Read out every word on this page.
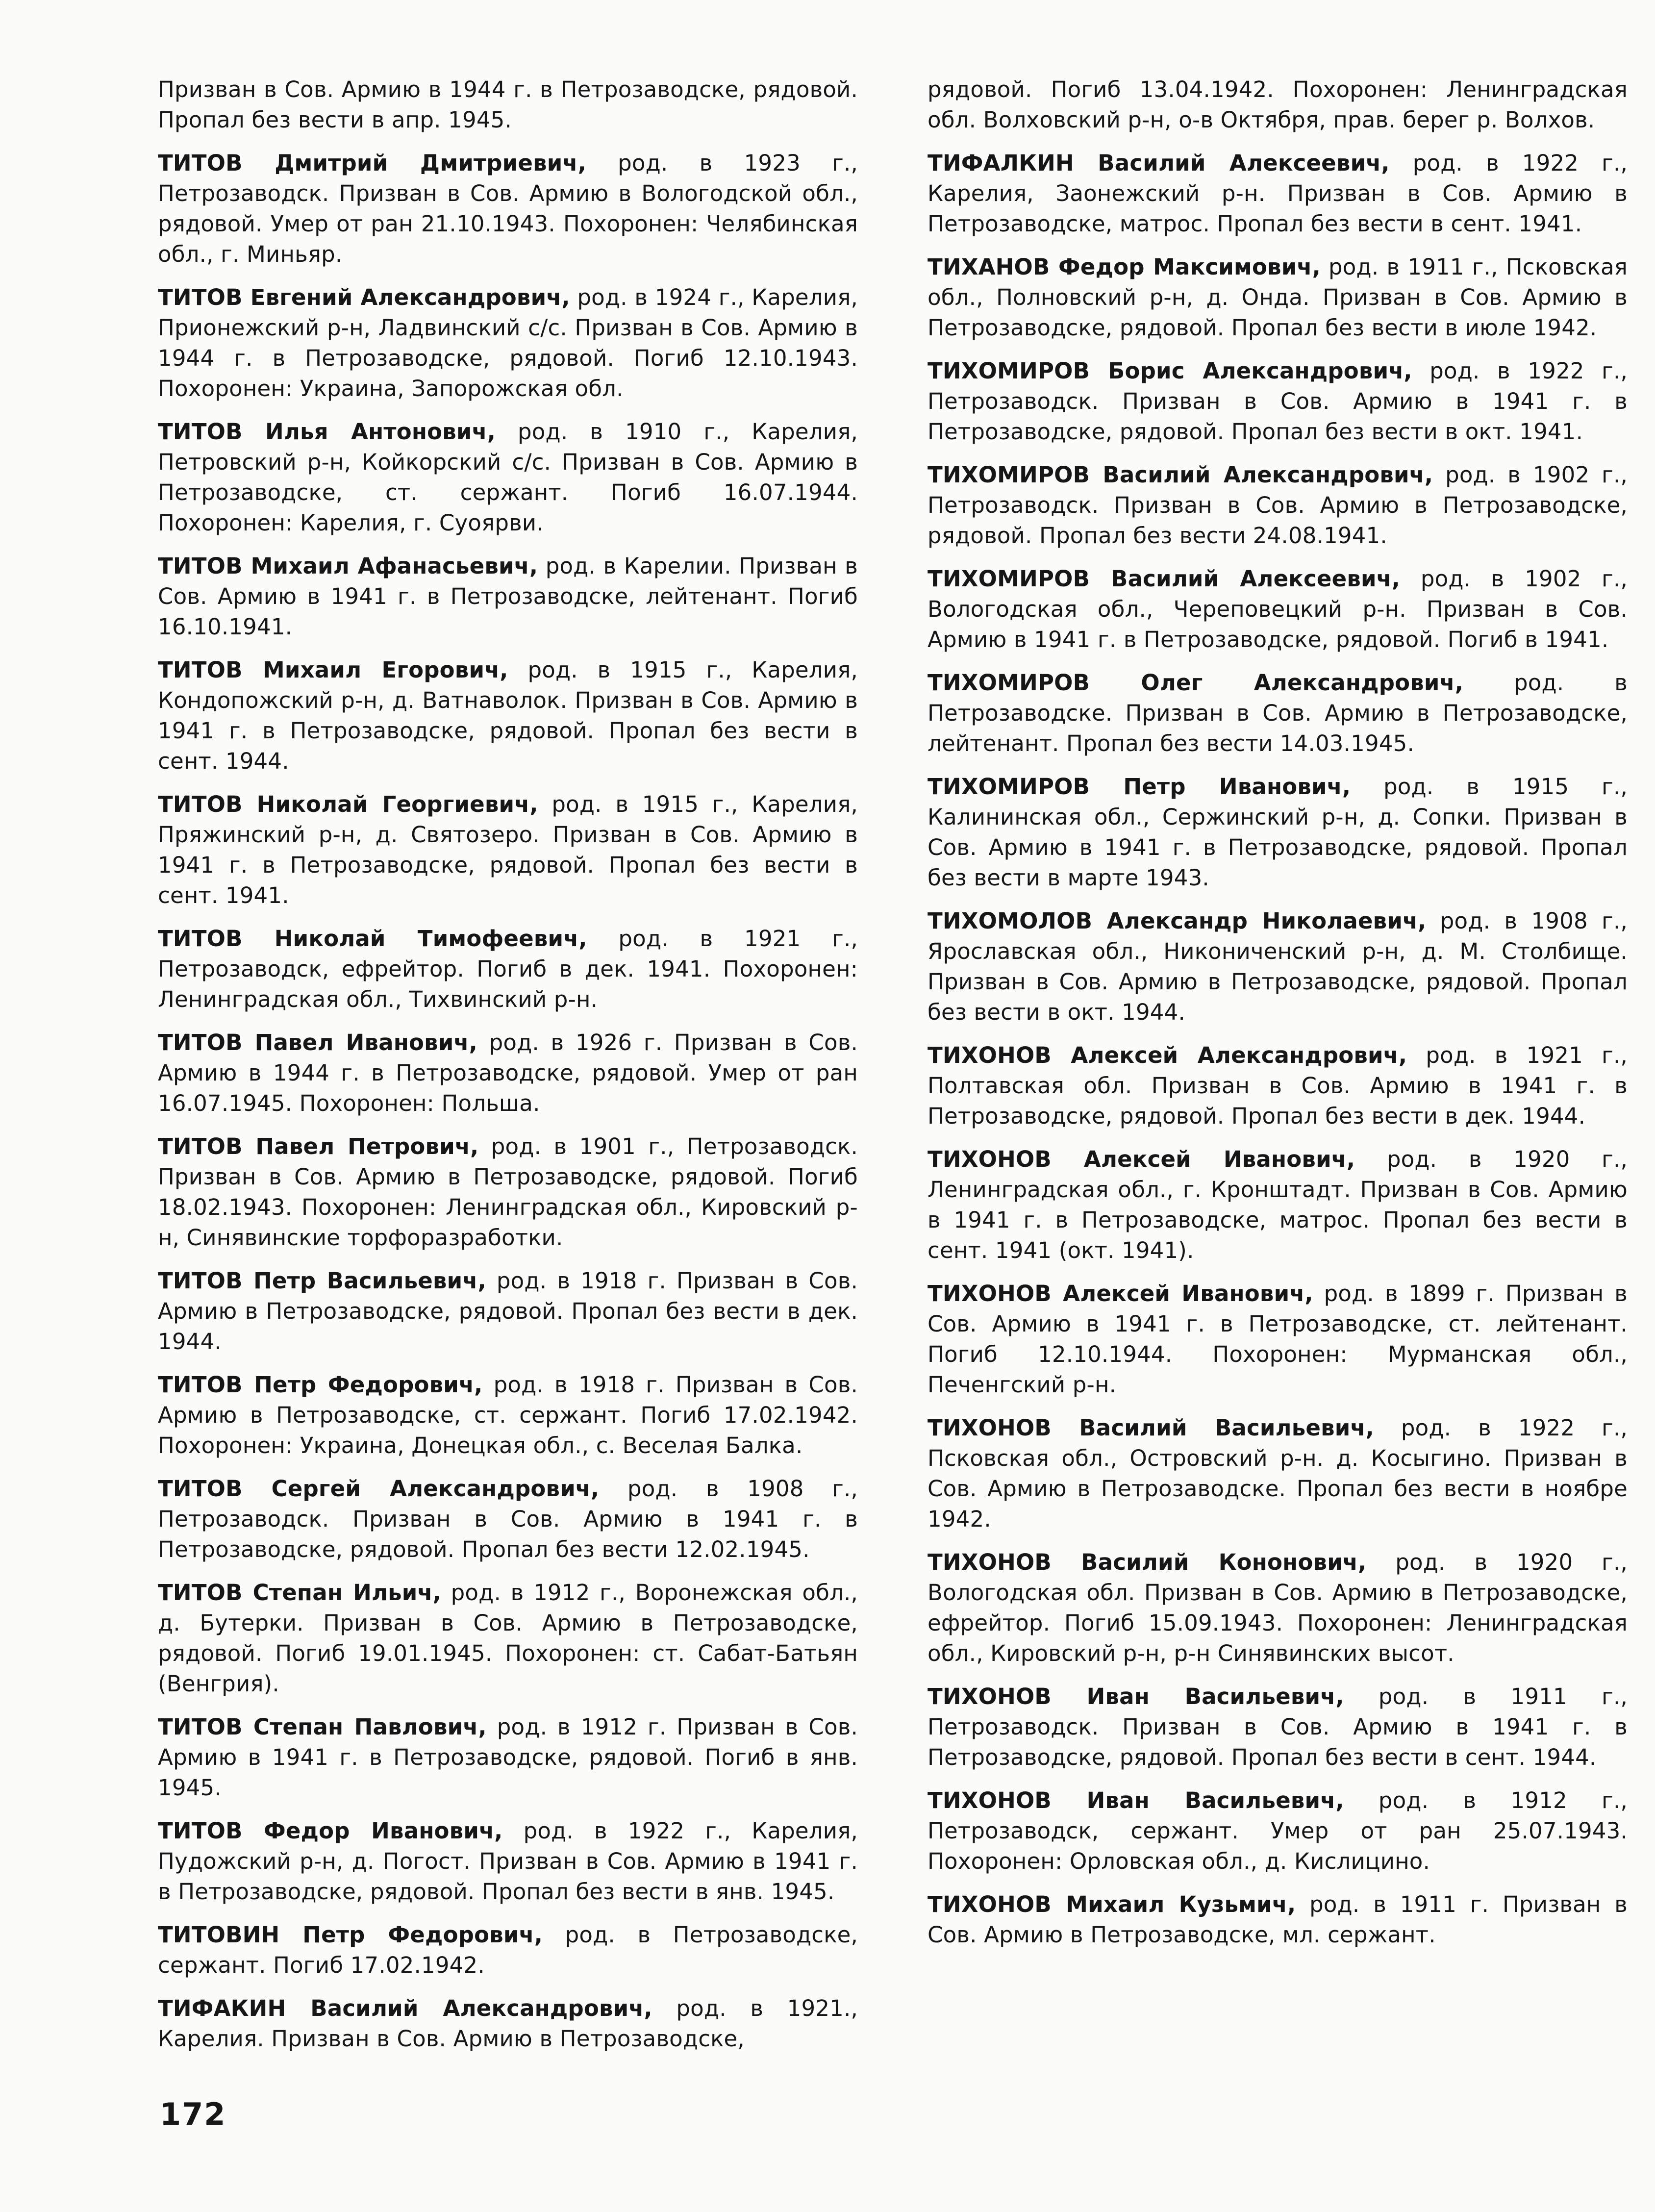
Призван в Сов. Армию в 1944 г. в Петрозаводске, рядовой. Пропал без вести в апр. 1945.

ТИТОВ Дмитрий Дмитриевич, род. в 1923 г., Петрозаводск. Призван в Сов. Армию в Вологодской обл., рядовой. Умер от ран 21.10.1943. Похоронен: Челябинская обл., г. Миньяр.

ТИТОВ Евгений Александрович, род. в 1924 г., Карелия, Прионежский р-н, Ладвинский с/с. Призван в Сов. Армию в 1944 г. в Петрозаводске, рядовой. Погиб 12.10.1943. Похоронен: Украина, Запорожская обл.

ТИТОВ Илья Антонович, род. в 1910 г., Карелия, Петровский р-н, Койкорский с/с. Призван в Сов. Армию в Петрозаводске, ст. сержант. Погиб 16.07.1944. Похоронен: Карелия, г. Суоярви.

ТИТОВ Михаил Афанасьевич, род. в Карелии. Призван в Сов. Армию в 1941 г. в Петрозаводске, лейтенант. Погиб 16.10.1941.

ТИТОВ Михаил Егорович, род. в 1915 г., Карелия, Кондопожский р-н, д. Ватнаволок. Призван в Сов. Армию в 1941 г. в Петрозаводске, рядовой. Пропал без вести в сент. 1944.

ТИТОВ Николай Георгиевич, род. в 1915 г., Карелия, Пряжинский р-н, д. Святозеро. Призван в Сов. Армию в 1941 г. в Петрозаводске, рядовой. Пропал без вести в сент. 1941.

ТИТОВ Николай Тимофеевич, род. в 1921 г., Петрозаводск, ефрейтор. Погиб в дек. 1941. Похоронен: Ленинградская обл., Тихвинский р-н.

ТИТОВ Павел Иванович, род. в 1926 г. Призван в Сов. Армию в 1944 г. в Петрозаводске, рядовой. Умер от ран 16.07.1945. Похоронен: Польша.

ТИТОВ Павел Петрович, род. в 1901 г., Петрозаводск. Призван в Сов. Армию в Петрозаводске, рядовой. Погиб 18.02.1943. Похоронен: Ленинградская обл., Кировский р-н, Синявинские торфоразработки.

ТИТОВ Петр Васильевич, род. в 1918 г. Призван в Сов. Армию в Петрозаводске, рядовой. Пропал без вести в дек. 1944.

ТИТОВ Петр Федорович, род. в 1918 г. Призван в Сов. Армию в Петрозаводске, ст. сержант. Погиб 17.02.1942. Похоронен: Украина, Донецкая обл., с. Веселая Балка.

ТИТОВ Сергей Александрович, род. в 1908 г., Петрозаводск. Призван в Сов. Армию в 1941 г. в Петрозаводске, рядовой. Пропал без вести 12.02.1945.

ТИТОВ Степан Ильич, род. в 1912 г., Воронежская обл., д. Бутерки. Призван в Сов. Армию в Петрозаводске, рядовой. Погиб 19.01.1945. Похоронен: ст. Сабат-Батьян (Венгрия).

ТИТОВ Степан Павлович, род. в 1912 г. Призван в Сов. Армию в 1941 г. в Петрозаводске, рядовой. Погиб в янв. 1945.

ТИТОВ Федор Иванович, род. в 1922 г., Карелия, Пудожский р-н, д. Погост. Призван в Сов. Армию в 1941 г. в Петрозаводске, рядовой. Пропал без вести в янв. 1945.

ТИТОВИН Петр Федорович, род. в Петрозаводске, сержант. Погиб 17.02.1942.

ТИФАКИН Василий Александрович, род. в 1921., Карелия. Призван в Сов. Армию в Петрозаводске,

рядовой. Погиб 13.04.1942. Похоронен: Ленинградская обл. Волховский р-н, о-в Октября, прав. берег р. Волхов.

ТИФАЛКИН Василий Алексеевич, род. в 1922 г., Карелия, Заонежский р-н. Призван в Сов. Армию в Петрозаводске, матрос. Пропал без вести в сент. 1941.

ТИХАНОВ Федор Максимович, род. в 1911 г., Псковская обл., Полновский р-н, д. Онда. Призван в Сов. Армию в Петрозаводске, рядовой. Пропал без вести в июле 1942.

ТИХОМИРОВ Борис Александрович, род. в 1922 г., Петрозаводск. Призван в Сов. Армию в 1941 г. в Петрозаводске, рядовой. Пропал без вести в окт. 1941.

ТИХОМИРОВ Василий Александрович, род. в 1902 г., Петрозаводск. Призван в Сов. Армию в Петрозаводске, рядовой. Пропал без вести 24.08.1941.

ТИХОМИРОВ Василий Алексеевич, род. в 1902 г., Вологодская обл., Череповецкий р-н. Призван в Сов. Армию в 1941 г. в Петрозаводске, рядовой. Погиб в 1941.

ТИХОМИРОВ Олег Александрович, род. в Петрозаводске. Призван в Сов. Армию в Петрозаводске, лейтенант. Пропал без вести 14.03.1945.

ТИХОМИРОВ Петр Иванович, род. в 1915 г., Калининская обл., Сержинский р-н, д. Сопки. Призван в Сов. Армию в 1941 г. в Петрозаводске, рядовой. Пропал без вести в марте 1943.

ТИХОМОЛОВ Александр Николаевич, род. в 1908 г., Ярославская обл., Никониченский р-н, д. М. Столбище. Призван в Сов. Армию в Петрозаводске, рядовой. Пропал без вести в окт. 1944.

ТИХОНОВ Алексей Александрович, род. в 1921 г., Полтавская обл. Призван в Сов. Армию в 1941 г. в Петрозаводске, рядовой. Пропал без вести в дек. 1944.

ТИХОНОВ Алексей Иванович, род. в 1920 г., Ленинградская обл., г. Кронштадт. Призван в Сов. Армию в 1941 г. в Петрозаводске, матрос. Пропал без вести в сент. 1941 (окт. 1941).

ТИХОНОВ Алексей Иванович, род. в 1899 г. Призван в Сов. Армию в 1941 г. в Петрозаводске, ст. лейтенант. Погиб 12.10.1944. Похоронен: Мурманская обл., Печенгский р-н.

ТИХОНОВ Василий Васильевич, род. в 1922 г., Псковская обл., Островский р-н. д. Косыгино. Призван в Сов. Армию в Петрозаводске. Пропал без вести в ноябре 1942.

ТИХОНОВ Василий Кононович, род. в 1920 г., Вологодская обл. Призван в Сов. Армию в Петрозаводске, ефрейтор. Погиб 15.09.1943. Похоронен: Ленинградская обл., Кировский р-н, р-н Синявинских высот.

ТИХОНОВ Иван Васильевич, род. в 1911 г., Петрозаводск. Призван в Сов. Армию в 1941 г. в Петрозаводске, рядовой. Пропал без вести в сент. 1944.

ТИХОНОВ Иван Васильевич, род. в 1912 г., Петрозаводск, сержант. Умер от ран 25.07.1943. Похоронен: Орловская обл., д. Кислицино.

ТИХОНОВ Михаил Кузьмич, род. в 1911 г. Призван в Сов. Армию в Петрозаводске, мл. сержант.

172
